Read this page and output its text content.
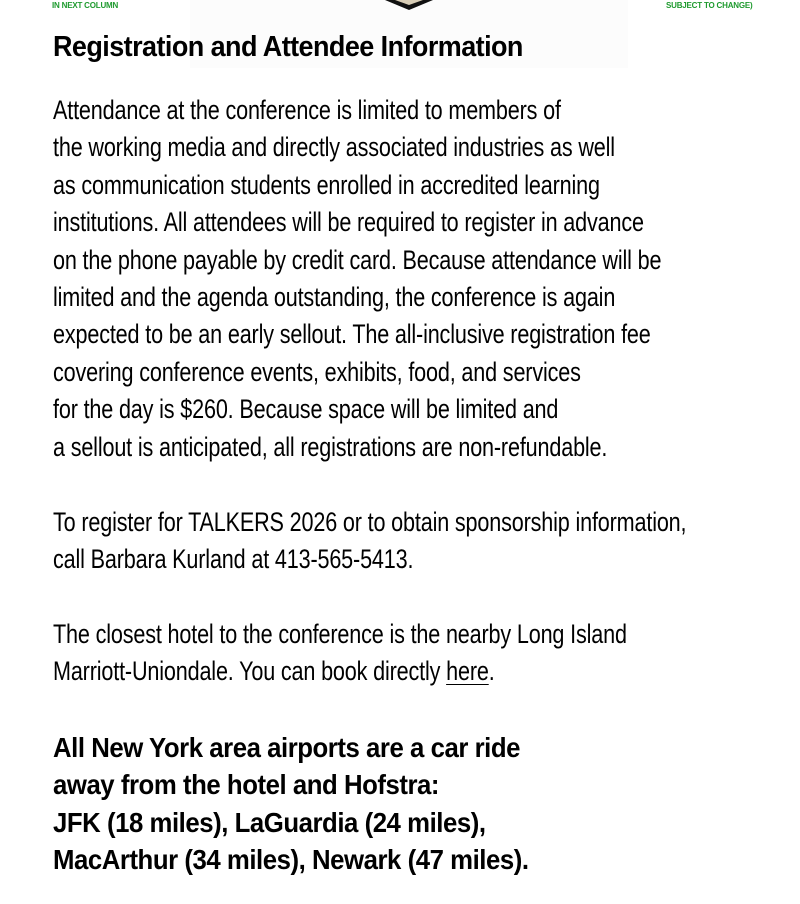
IN NEXT COLUMN	SUBJECT TO CHANGE)
Registration and Attendee Information
Attendance at the conference is limited to members of
the working media and directly associated industries as well
as communication students enrolled in accredited learning
institutions. All attendees will be required to register in advance
on the phone payable by credit card. Because attendance will be
limited and the agenda outstanding, the conference is again
expected to be an early sellout. The all-inclusive registration fee
covering conference events, exhibits, food, and services
for the day is $260. Because space will be limited and
a sellout is anticipated, all registrations are non-refundable.
To register for TALKERS 2026 or to obtain sponsorship information,
call Barbara Kurland at 413-565-5413.
The closest hotel to the conference is the nearby Long Island
Marriott-Uniondale. You can book directly here.
All New York area airports are a car ride
away from the hotel and Hofstra:
JFK (18 miles), LaGuardia (24 miles),
MacArthur (34 miles), Newark (47 miles).
